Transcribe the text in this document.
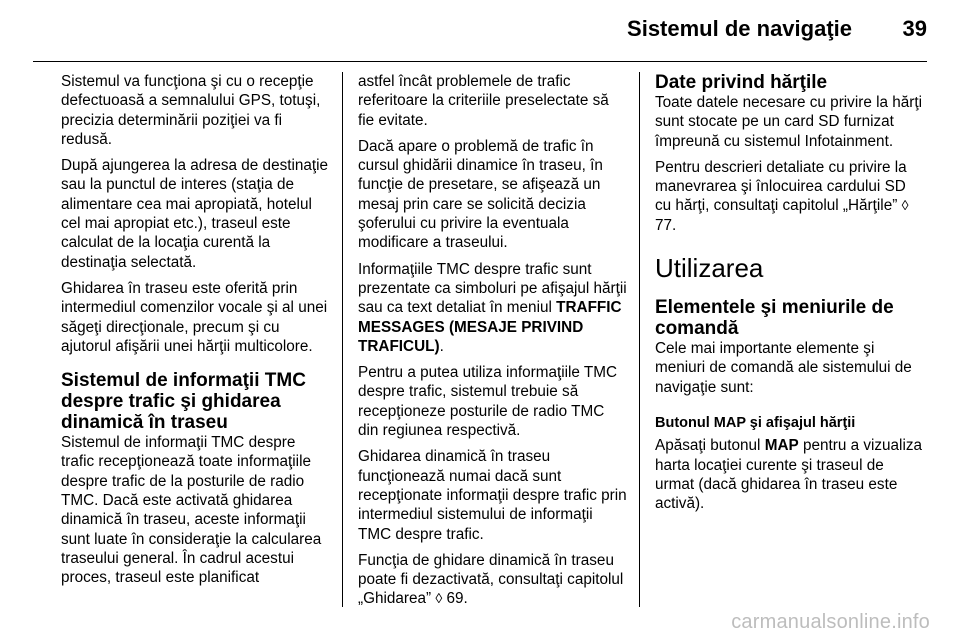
Sistemul de navigaţie 39

Sistemul va funcţiona şi cu o recepţie defectuoasă a semnalului GPS, totuşi, precizia determinării poziţiei va fi redusă.

După ajungerea la adresa de destinaţie sau la punctul de interes (staţia de alimentare cea mai apropiată, hotelul cel mai apropiat etc.), traseul este calculat de la locaţia curentă la destinaţia selectată.

Ghidarea în traseu este oferită prin intermediul comenzilor vocale şi al unei săgeţi direcţionale, precum şi cu ajutorul afişării unei hărţii multicolore.

Sistemul de informaţii TMC despre trafic şi ghidarea dinamică în traseu

Sistemul de informaţii TMC despre trafic recepţionează toate informaţiile despre trafic de la posturile de radio TMC. Dacă este activată ghidarea dinamică în traseu, aceste informaţii sunt luate în consideraţie la calcularea traseului general. În cadrul acestui proces, traseul este planificat

astfel încât problemele de trafic referitoare la criteriile preselectate să fie evitate.

Dacă apare o problemă de trafic în cursul ghidării dinamice în traseu, în funcţie de presetare, se afişează un mesaj prin care se solicită decizia şoferului cu privire la eventuala modificare a traseului.

Informaţiile TMC despre trafic sunt prezentate ca simboluri pe afişajul hărţii sau ca text detaliat în meniul TRAFFIC MESSAGES (MESAJE PRIVIND TRAFICUL).

Pentru a putea utiliza informaţiile TMC despre trafic, sistemul trebuie să recepţioneze posturile de radio TMC din regiunea respectivă.

Ghidarea dinamică în traseu funcţionează numai dacă sunt recepţionate informaţii despre trafic prin intermediul sistemului de informaţii TMC despre trafic.

Funcţia de ghidare dinamică în traseu poate fi dezactivată, consultaţi capitolul „Ghidarea” ◊ 69.

Date privind hărţile

Toate datele necesare cu privire la hărţi sunt stocate pe un card SD furnizat împreună cu sistemul Infotainment.

Pentru descrieri detaliate cu privire la manevrarea şi înlocuirea cardului SD cu hărţi, consultaţi capitolul „Hărţile” ◊ 77.

Utilizarea
Elementele şi meniurile de comandă

Cele mai importante elemente şi meniuri de comandă ale sistemului de navigaţie sunt:

Butonul MAP şi afişajul hărţii

Apăsaţi butonul MAP pentru a vizualiza harta locaţiei curente şi traseul de urmat (dacă ghidarea în traseu este activă).

carmanualsonline.info
